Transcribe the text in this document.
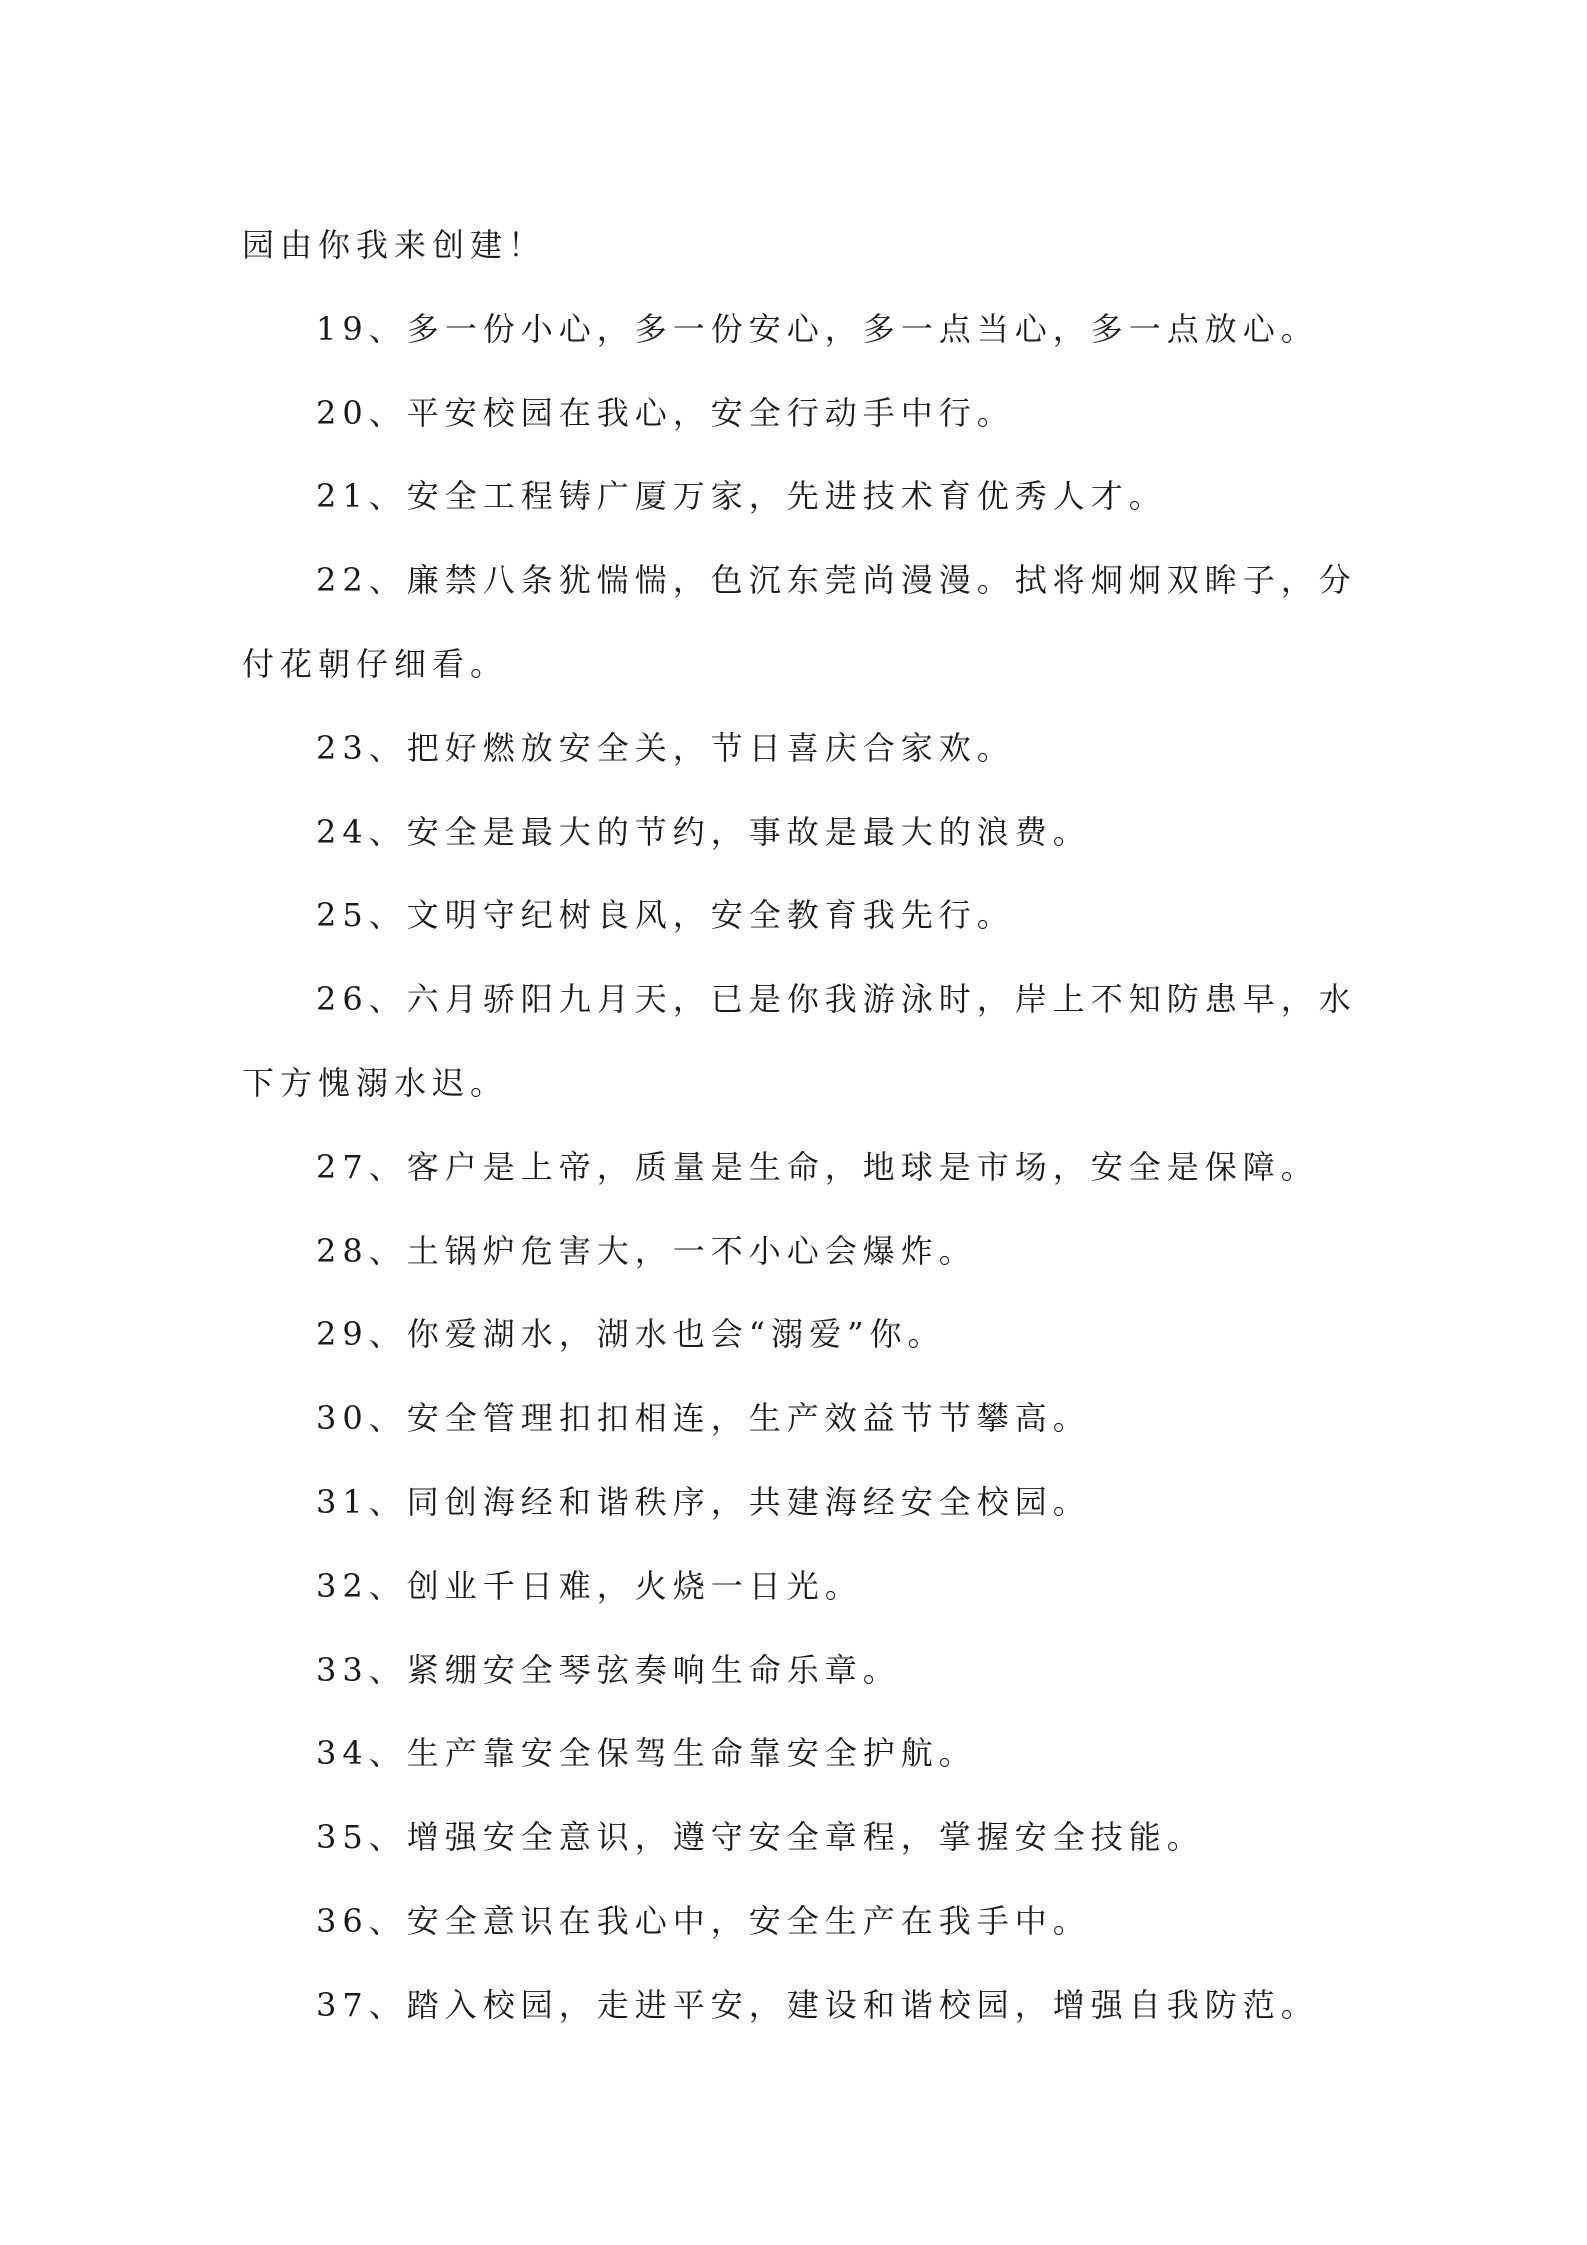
园由你我来创建！

19、多一份小心，多一份安心，多一点当心，多一点放心。

20、平安校园在我心，安全行动手中行。

21、安全工程铸广厦万家，先进技术育优秀人才。

22、廉禁八条犹惴惴，色沉东莞尚漫漫。拭将炯炯双眸子，分付花朝仔细看。

23、把好燃放安全关，节日喜庆合家欢。

24、安全是最大的节约，事故是最大的浪费。

25、文明守纪树良风，安全教育我先行。

26、六月骄阳九月天，已是你我游泳时，岸上不知防患早，水下方愧溺水迟。

27、客户是上帝，质量是生命，地球是市场，安全是保障。

28、土锅炉危害大，一不小心会爆炸。

29、你爱湖水，湖水也会“溺爱”你。

30、安全管理扣扣相连，生产效益节节攀高。

31、同创海经和谐秩序，共建海经安全校园。

32、创业千日难，火烧一日光。

33、紧绷安全琴弦奏响生命乐章。

34、生产靠安全保驾生命靠安全护航。

35、增强安全意识，遵守安全章程，掌握安全技能。

36、安全意识在我心中，安全生产在我手中。

37、踏入校园，走进平安，建设和谐校园，增强自我防范。
